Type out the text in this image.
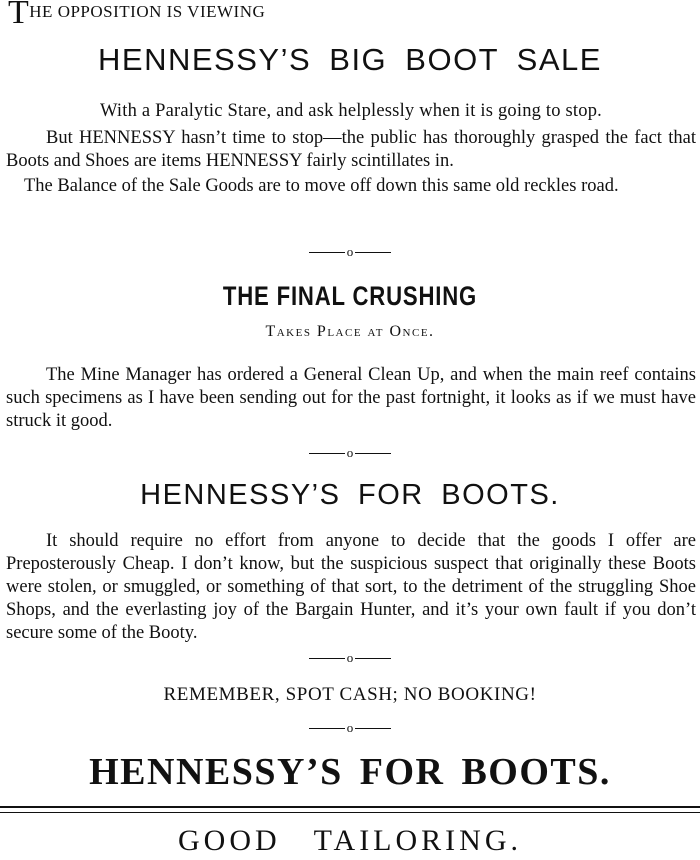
THE OPPOSITION IS VIEWING
HENNESSY’S BIG BOOT SALE
With a Paralytic Stare, and ask helplessly when it is going to stop.
But HENNESSY hasn’t time to stop—the public has thoroughly grasped the fact that Boots and Shoes are items HENNESSY fairly scintillates in.
The Balance of the Sale Goods are to move off down this same old reckles road.
o
THE FINAL CRUSHING
Takes Place at Once.
The Mine Manager has ordered a General Clean Up, and when the main reef contains such specimens as I have been sending out for the past fortnight, it looks as if we must have struck it good.
o
HENNESSY’S FOR BOOTS.
It should require no effort from anyone to decide that the goods I offer are Preposterously Cheap. I don’t know, but the suspicious suspect that originally these Boots were stolen, or smuggled, or something of that sort, to the detriment of the struggling Shoe Shops, and the everlasting joy of the Bargain Hunter, and it’s your own fault if you don’t secure some of the Booty.
o
REMEMBER, SPOT CASH; NO BOOKING!
o
HENNESSY’S FOR BOOTS.
GOOD TAILORING.
